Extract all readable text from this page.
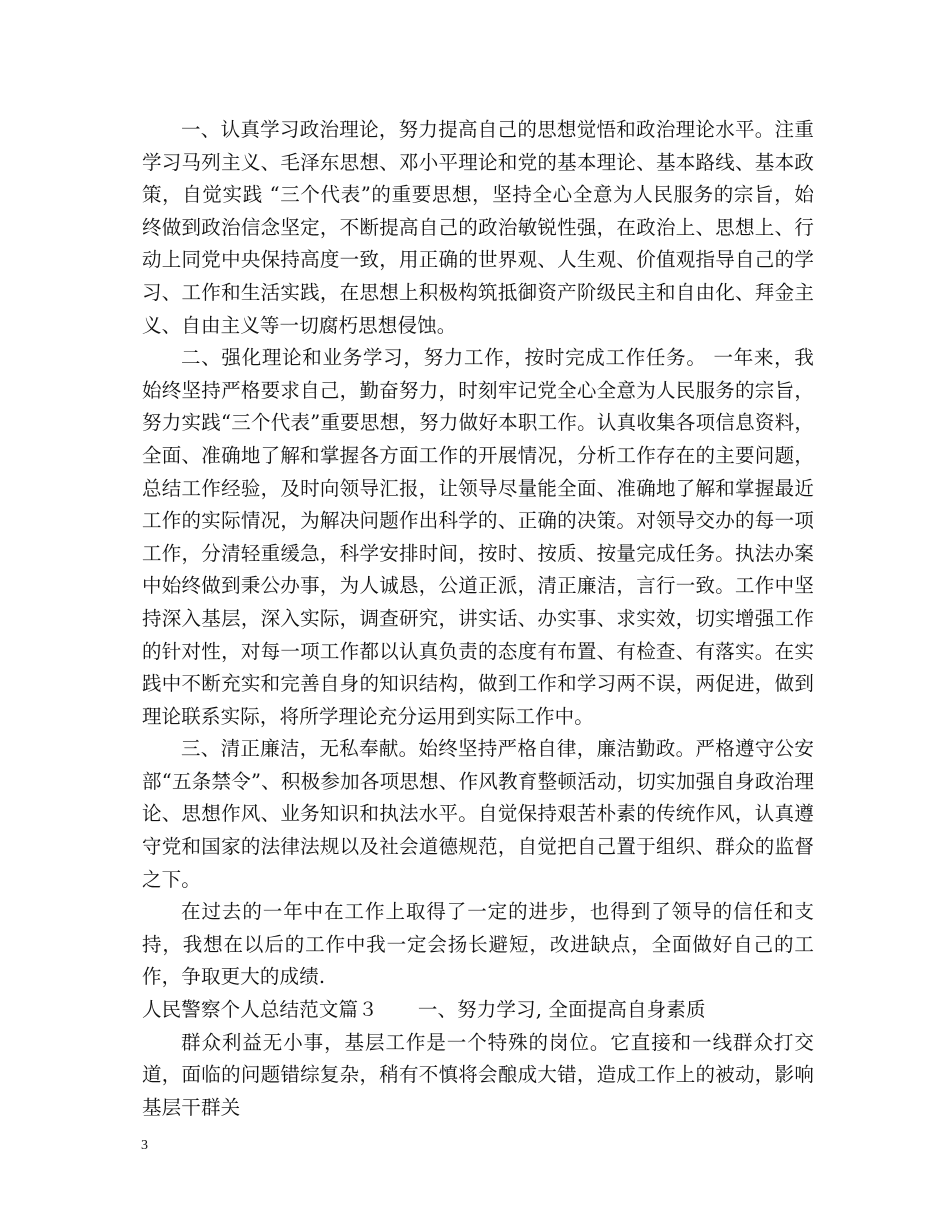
一、认真学习政治理论，努力提高自己的思想觉悟和政治理论水平。注重学习马列主义、毛泽东思想、邓小平理论和党的基本理论、基本路线、基本政策，自觉实践 “三个代表”的重要思想，坚持全心全意为人民服务的宗旨，始终做到政治信念坚定，不断提高自己的政治敏锐性强，在政治上、思想上、行动上同党中央保持高度一致，用正确的世界观、人生观、价值观指导自己的学习、工作和生活实践，在思想上积极构筑抵御资产阶级民主和自由化、拜金主义、自由主义等一切腐朽思想侵蚀。

二、强化理论和业务学习，努力工作，按时完成工作任务。 一年来，我始终坚持严格要求自己，勤奋努力，时刻牢记党全心全意为人民服务的宗旨，努力实践“三个代表”重要思想，努力做好本职工作。认真收集各项信息资料，全面、准确地了解和掌握各方面工作的开展情况，分析工作存在的主要问题，总结工作经验，及时向领导汇报，让领导尽量能全面、准确地了解和掌握最近工作的实际情况，为解决问题作出科学的、正确的决策。对领导交办的每一项工作，分清轻重缓急，科学安排时间，按时、按质、按量完成任务。执法办案中始终做到秉公办事，为人诚恳，公道正派，清正廉洁，言行一致。工作中坚持深入基层，深入实际，调查研究，讲实话、办实事、求实效，切实增强工作的针对性，对每一项工作都以认真负责的态度有布置、有检查、有落实。在实践中不断充实和完善自身的知识结构，做到工作和学习两不误，两促进，做到理论联系实际，将所学理论充分运用到实际工作中。

三、清正廉洁，无私奉献。始终坚持严格自律，廉洁勤政。严格遵守公安部“五条禁令”、积极参加各项思想、作风教育整顿活动，切实加强自身政治理论、思想作风、业务知识和执法水平。自觉保持艰苦朴素的传统作风，认真遵守党和国家的法律法规以及社会道德规范，自觉把自己置于组织、群众的监督之下。

在过去的一年中在工作上取得了一定的进步，也得到了领导的信任和支持，我想在以后的工作中我一定会扬长避短，改进缺点，全面做好自己的工作，争取更大的成绩.

人民警察个人总结范文篇３ 一、努力学习, 全面提高自身素质

群众利益无小事，基层工作是一个特殊的岗位。它直接和一线群众打交道，面临的问题错综复杂，稍有不慎将会酿成大错，造成工作上的被动，影响基层干群关

3
